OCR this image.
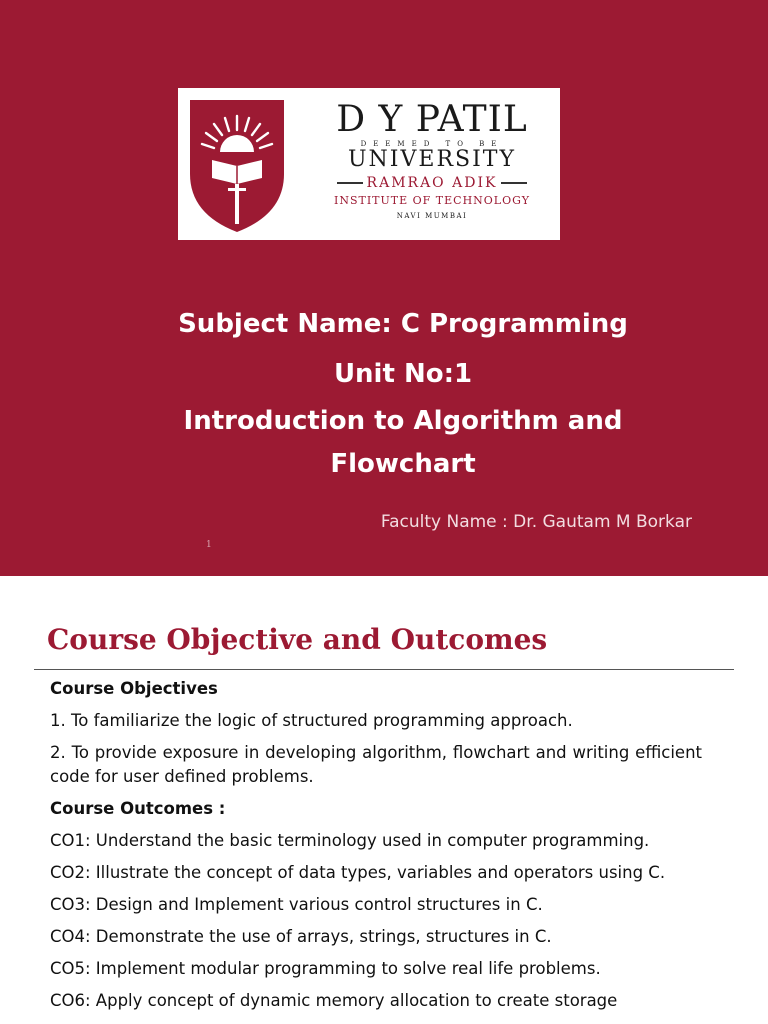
D Y PATIL
DEEMED TO BE
UNIVERSITY
RAMRAO ADIK
INSTITUTE OF TECHNOLOGY
NAVI MUMBAI
Subject Name: C Programming
Unit No:1
Introduction to Algorithm and
Flowchart
Faculty Name : Dr. Gautam M Borkar
1
Course Objective and Outcomes
Course Objectives
1. To familiarize the logic of structured programming approach.
2. To provide exposure in developing algorithm, flowchart and writing efficient code for user defined problems.
Course Outcomes :
CO1: Understand the basic terminology used in computer programming.
CO2: Illustrate the concept of data types, variables and operators using C.
CO3: Design and Implement various control structures in C.
CO4: Demonstrate the use of arrays, strings, structures in C.
CO5: Implement modular programming to solve real life problems.
CO6: Apply concept of dynamic memory allocation to create storage
